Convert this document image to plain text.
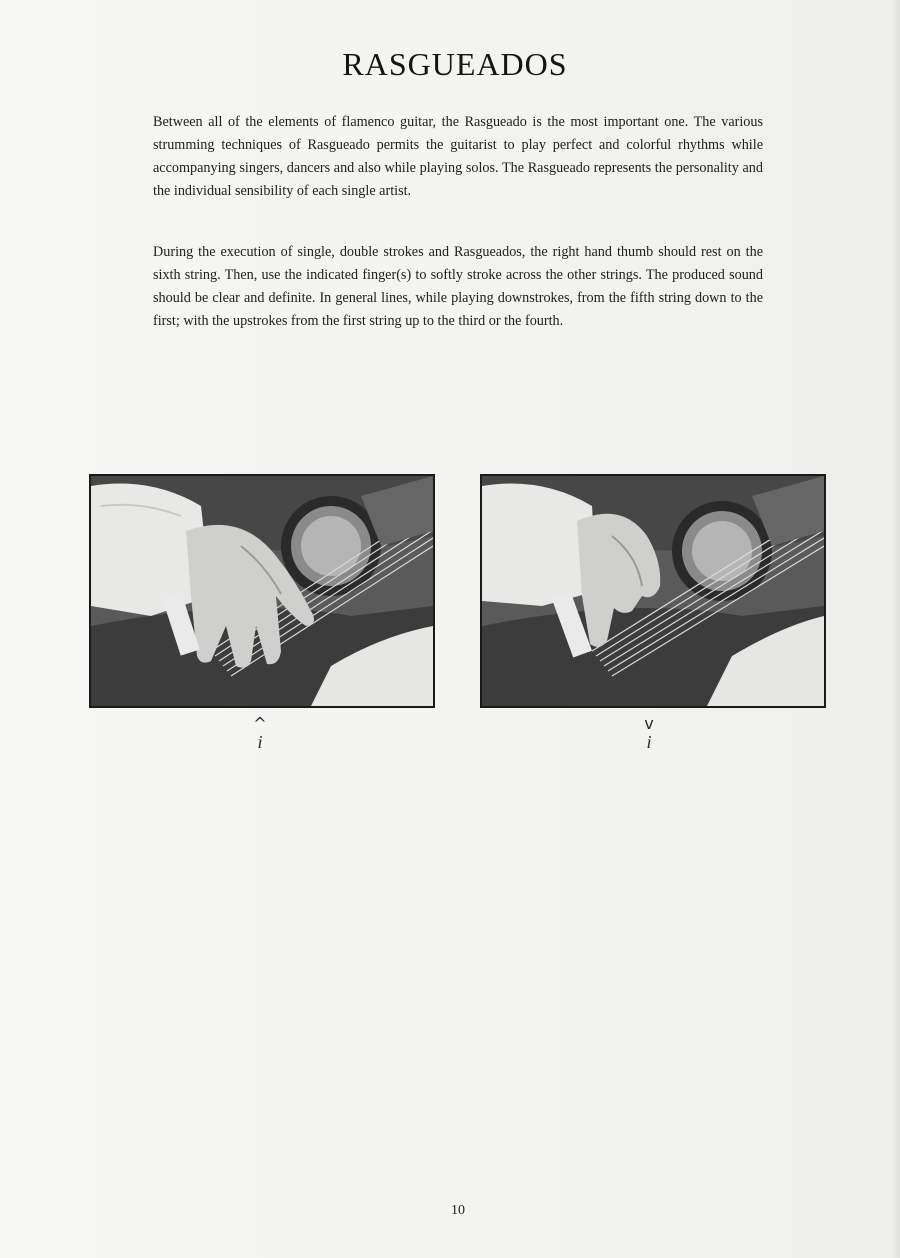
RASGUEADOS

Between all of the elements of flamenco guitar, the Rasgueado is the most important one. The various strumming techniques of Rasgueado permits the guitarist to play perfect and colorful rhythms while accompanying singers, dancers and also while playing solos. The Rasgueado represents the personality and the individual sensibility of each single artist.

During the execution of single, double strokes and Rasgueados, the right hand thumb should rest on the sixth string. Then, use the indicated finger(s) to softly stroke across the other strings. The produced sound should be clear and definite. In general lines, while playing downstrokes, from the fifth string down to the first; with the upstrokes from the first string up to the third or the fourth.

^
i
v
i
10
